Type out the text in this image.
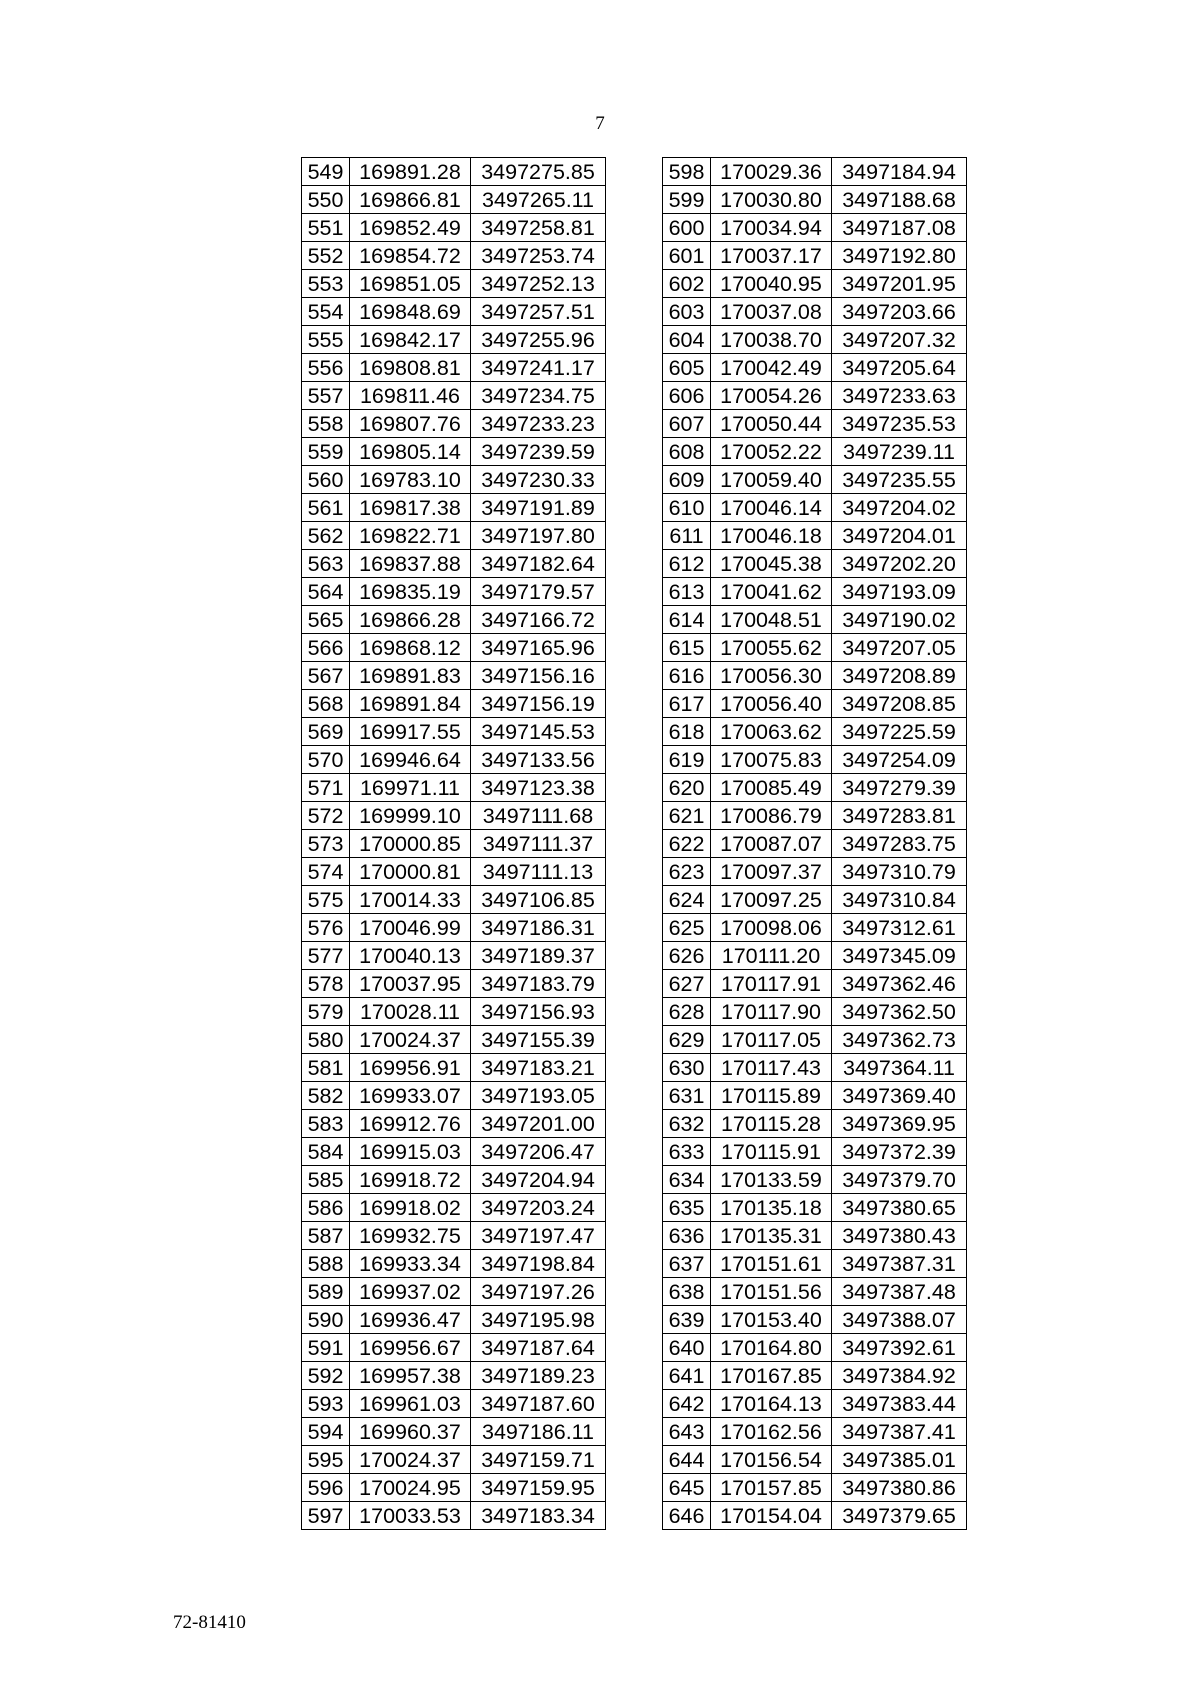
7
549	169891.28	3497275.85
550	169866.81	3497265.11
551	169852.49	3497258.81
552	169854.72	3497253.74
553	169851.05	3497252.13
554	169848.69	3497257.51
555	169842.17	3497255.96
556	169808.81	3497241.17
557	169811.46	3497234.75
558	169807.76	3497233.23
559	169805.14	3497239.59
560	169783.10	3497230.33
561	169817.38	3497191.89
562	169822.71	3497197.80
563	169837.88	3497182.64
564	169835.19	3497179.57
565	169866.28	3497166.72
566	169868.12	3497165.96
567	169891.83	3497156.16
568	169891.84	3497156.19
569	169917.55	3497145.53
570	169946.64	3497133.56
571	169971.11	3497123.38
572	169999.10	3497111.68
573	170000.85	3497111.37
574	170000.81	3497111.13
575	170014.33	3497106.85
576	170046.99	3497186.31
577	170040.13	3497189.37
578	170037.95	3497183.79
579	170028.11	3497156.93
580	170024.37	3497155.39
581	169956.91	3497183.21
582	169933.07	3497193.05
583	169912.76	3497201.00
584	169915.03	3497206.47
585	169918.72	3497204.94
586	169918.02	3497203.24
587	169932.75	3497197.47
588	169933.34	3497198.84
589	169937.02	3497197.26
590	169936.47	3497195.98
591	169956.67	3497187.64
592	169957.38	3497189.23
593	169961.03	3497187.60
594	169960.37	3497186.11
595	170024.37	3497159.71
596	170024.95	3497159.95
597	170033.53	3497183.34
598	170029.36	3497184.94
599	170030.80	3497188.68
600	170034.94	3497187.08
601	170037.17	3497192.80
602	170040.95	3497201.95
603	170037.08	3497203.66
604	170038.70	3497207.32
605	170042.49	3497205.64
606	170054.26	3497233.63
607	170050.44	3497235.53
608	170052.22	3497239.11
609	170059.40	3497235.55
610	170046.14	3497204.02
611	170046.18	3497204.01
612	170045.38	3497202.20
613	170041.62	3497193.09
614	170048.51	3497190.02
615	170055.62	3497207.05
616	170056.30	3497208.89
617	170056.40	3497208.85
618	170063.62	3497225.59
619	170075.83	3497254.09
620	170085.49	3497279.39
621	170086.79	3497283.81
622	170087.07	3497283.75
623	170097.37	3497310.79
624	170097.25	3497310.84
625	170098.06	3497312.61
626	170111.20	3497345.09
627	170117.91	3497362.46
628	170117.90	3497362.50
629	170117.05	3497362.73
630	170117.43	3497364.11
631	170115.89	3497369.40
632	170115.28	3497369.95
633	170115.91	3497372.39
634	170133.59	3497379.70
635	170135.18	3497380.65
636	170135.31	3497380.43
637	170151.61	3497387.31
638	170151.56	3497387.48
639	170153.40	3497388.07
640	170164.80	3497392.61
641	170167.85	3497384.92
642	170164.13	3497383.44
643	170162.56	3497387.41
644	170156.54	3497385.01
645	170157.85	3497380.86
646	170154.04	3497379.65
72-81410
